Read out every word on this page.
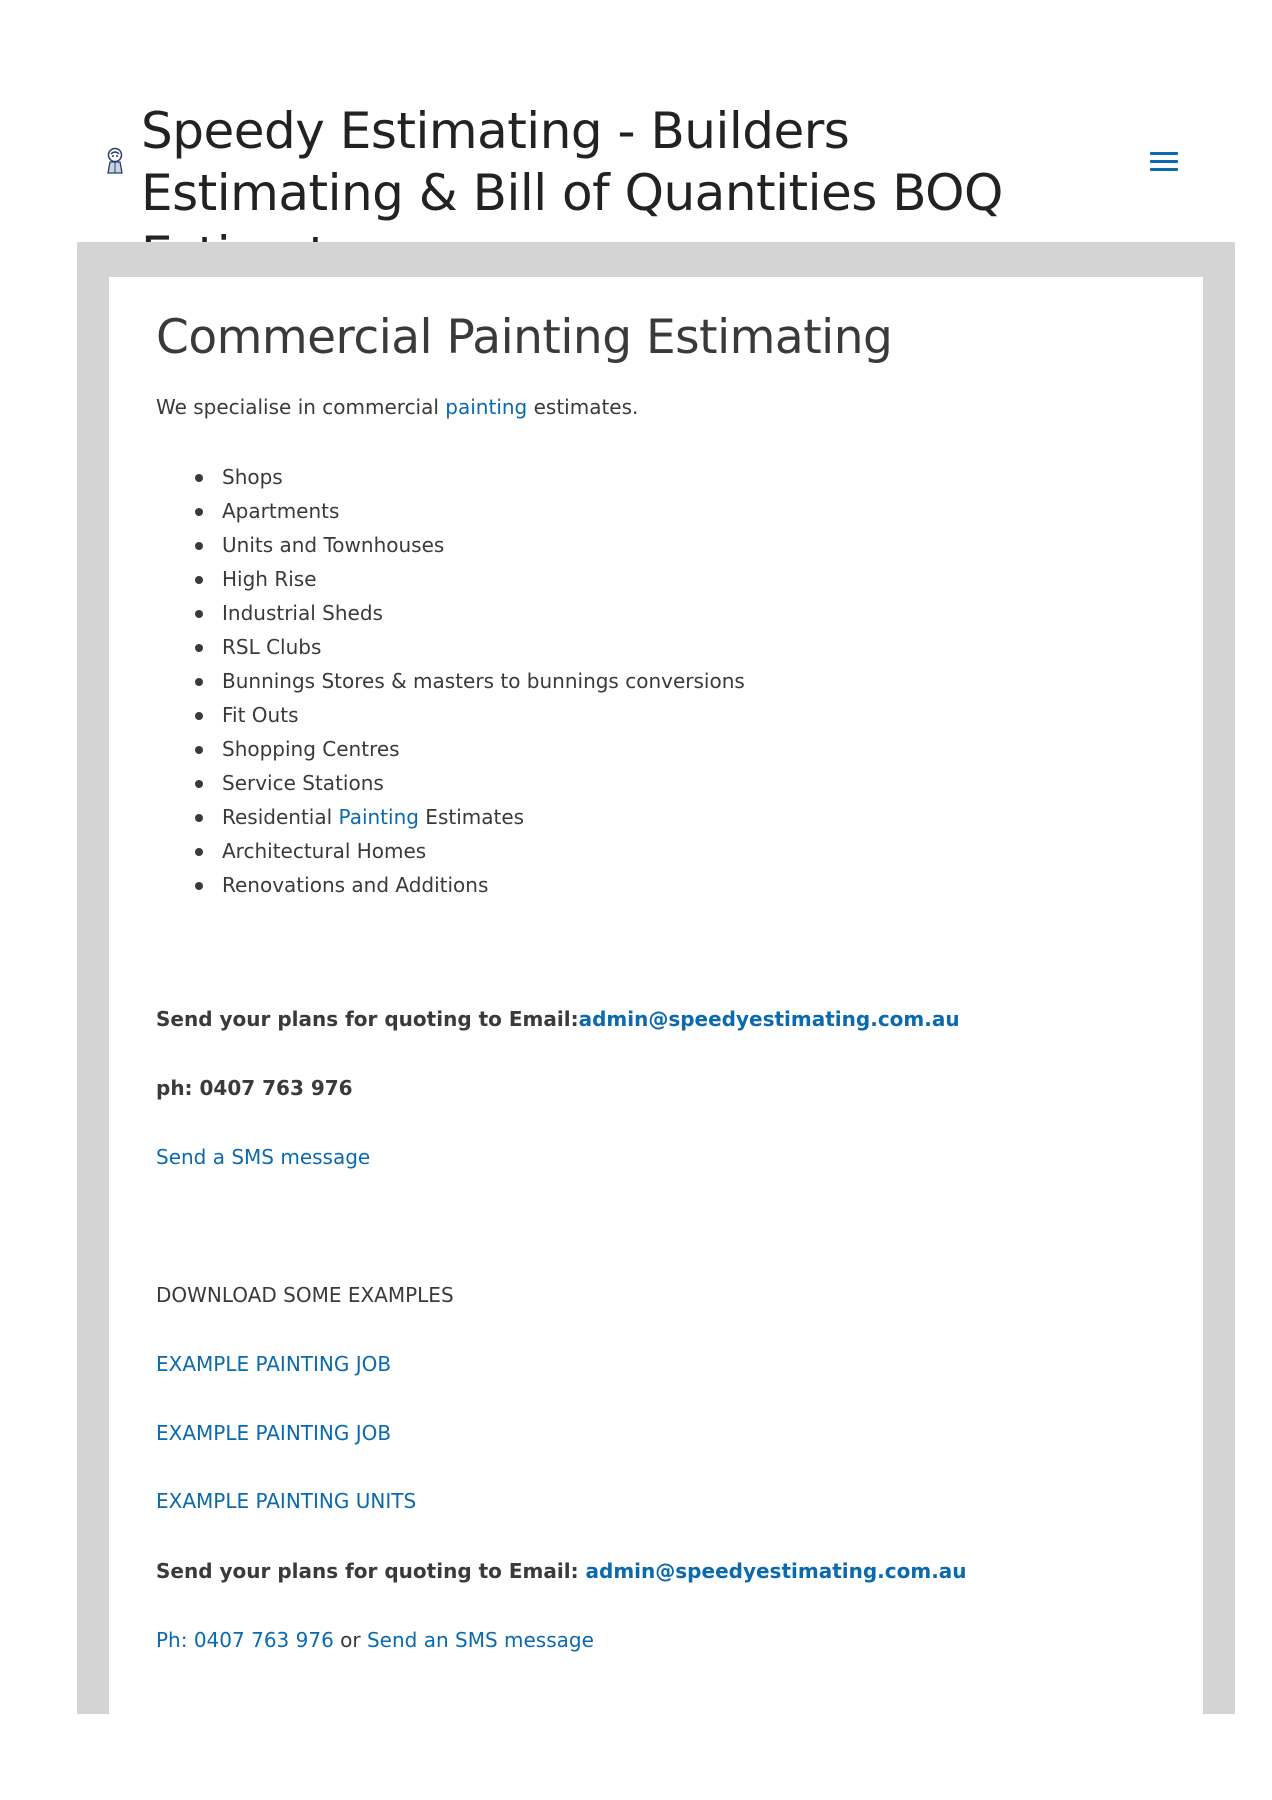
Speedy Estimating - Builders Estimating & Bill of Quantities BOQ
Commercial Painting Estimating

We specialise in commercial painting estimates.

Shops
Apartments
Units and Townhouses
High Rise
Industrial Sheds
RSL Clubs
Bunnings Stores & masters to bunnings conversions
Fit Outs
Shopping Centres
Service Stations
Residential Painting Estimates
Architectural Homes
Renovations and Additions

Send your plans for quoting to Email:admin@speedyestimating.com.au

ph: 0407 763 976

Send a SMS message

DOWNLOAD SOME EXAMPLES

EXAMPLE PAINTING JOB

EXAMPLE PAINTING JOB

EXAMPLE PAINTING UNITS

Send your plans for quoting to Email: admin@speedyestimating.com.au

Ph: 0407 763 976 or Send an SMS message
